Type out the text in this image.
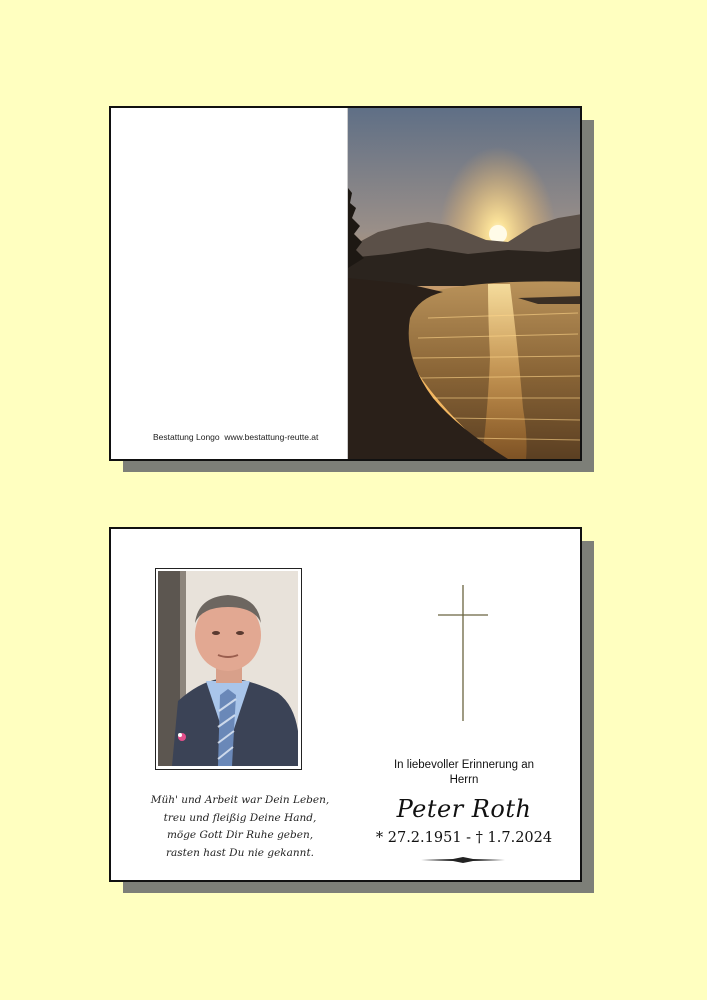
Bestattung Longo www.bestattung-reutte.at
Müh' und Arbeit war Dein Leben,
treu und fleißig Deine Hand,
möge Gott Dir Ruhe geben,
rasten hast Du nie gekannt.
In liebevoller Erinnerung an
Herrn
Peter Roth
* 27.2.1951 - † 1.7.2024
